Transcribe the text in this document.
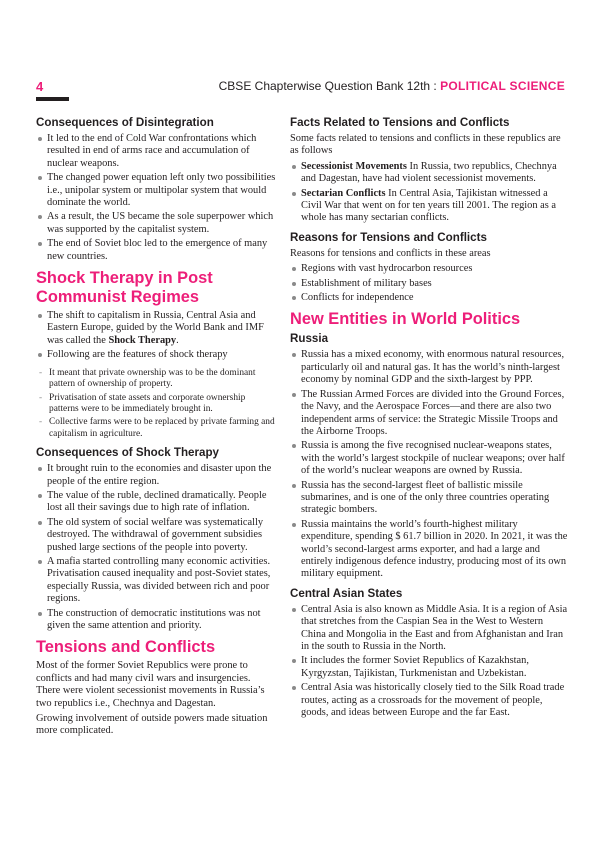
4	CBSE Chapterwise Question Bank 12th : POLITICAL SCIENCE
Consequences of Disintegration
It led to the end of Cold War confrontations which resulted in end of arms race and accumulation of nuclear weapons.
The changed power equation left only two possibilities i.e., unipolar system or multipolar system that would dominate the world.
As a result, the US became the sole superpower which was supported by the capitalist system.
The end of Soviet bloc led to the emergence of many new countries.
Shock Therapy in Post Communist Regimes
The shift to capitalism in Russia, Central Asia and Eastern Europe, guided by the World Bank and IMF was called the Shock Therapy.
Following are the features of shock therapy
- It meant that private ownership was to be the dominant pattern of ownership of property.
- Privatisation of state assets and corporate ownership patterns were to be immediately brought in.
- Collective farms were to be replaced by private farming and capitalism in agriculture.
Consequences of Shock Therapy
It brought ruin to the economies and disaster upon the people of the entire region.
The value of the ruble, declined dramatically. People lost all their savings due to high rate of inflation.
The old system of social welfare was systematically destroyed. The withdrawal of government subsidies pushed large sections of the people into poverty.
A mafia started controlling many economic activities. Privatisation caused inequality and post-Soviet states, especially Russia, was divided between rich and poor regions.
The construction of democratic institutions was not given the same attention and priority.
Tensions and Conflicts

Most of the former Soviet Republics were prone to conflicts and had many civil wars and insurgencies. There were violent secessionist movements in Russia’s two republics i.e., Chechnya and Dagestan.

Growing involvement of outside powers made situation more complicated.

Facts Related to Tensions and Conflicts

Some facts related to tensions and conflicts in these republics are as follows

Secessionist Movements In Russia, two republics, Chechnya and Dagestan, have had violent secessionist movements.
Sectarian Conflicts In Central Asia, Tajikistan witnessed a Civil War that went on for ten years till 2001. The region as a whole has many sectarian conflicts.
Reasons for Tensions and Conflicts

Reasons for tensions and conflicts in these areas

Regions with vast hydrocarbon resources
Establishment of military bases
Conflicts for independence
New Entities in World Politics
Russia
Russia has a mixed economy, with enormous natural resources, particularly oil and natural gas. It has the world’s ninth-largest economy by nominal GDP and the sixth-largest by PPP.
The Russian Armed Forces are divided into the Ground Forces, the Navy, and the Aerospace Forces—and there are also two independent arms of service: the Strategic Missile Troops and the Airborne Troops.
Russia is among the five recognised nuclear-weapons states, with the world’s largest stockpile of nuclear weapons; over half of the world’s nuclear weapons are owned by Russia.
Russia has the second-largest fleet of ballistic missile submarines, and is one of the only three countries operating strategic bombers.
Russia maintains the world’s fourth-highest military expenditure, spending $ 61.7 billion in 2020. In 2021, it was the world’s second-largest arms exporter, and had a large and entirely indigenous defence industry, producing most of its own military equipment.
Central Asian States
Central Asia is also known as Middle Asia. It is a region of Asia that stretches from the Caspian Sea in the West to Western China and Mongolia in the East and from Afghanistan and Iran in the south to Russia in the North.
It includes the former Soviet Republics of Kazakhstan, Kyrgyzstan, Tajikistan, Turkmenistan and Uzbekistan.
Central Asia was historically closely tied to the Silk Road trade routes, acting as a crossroads for the movement of people, goods, and ideas between Europe and the far East.
